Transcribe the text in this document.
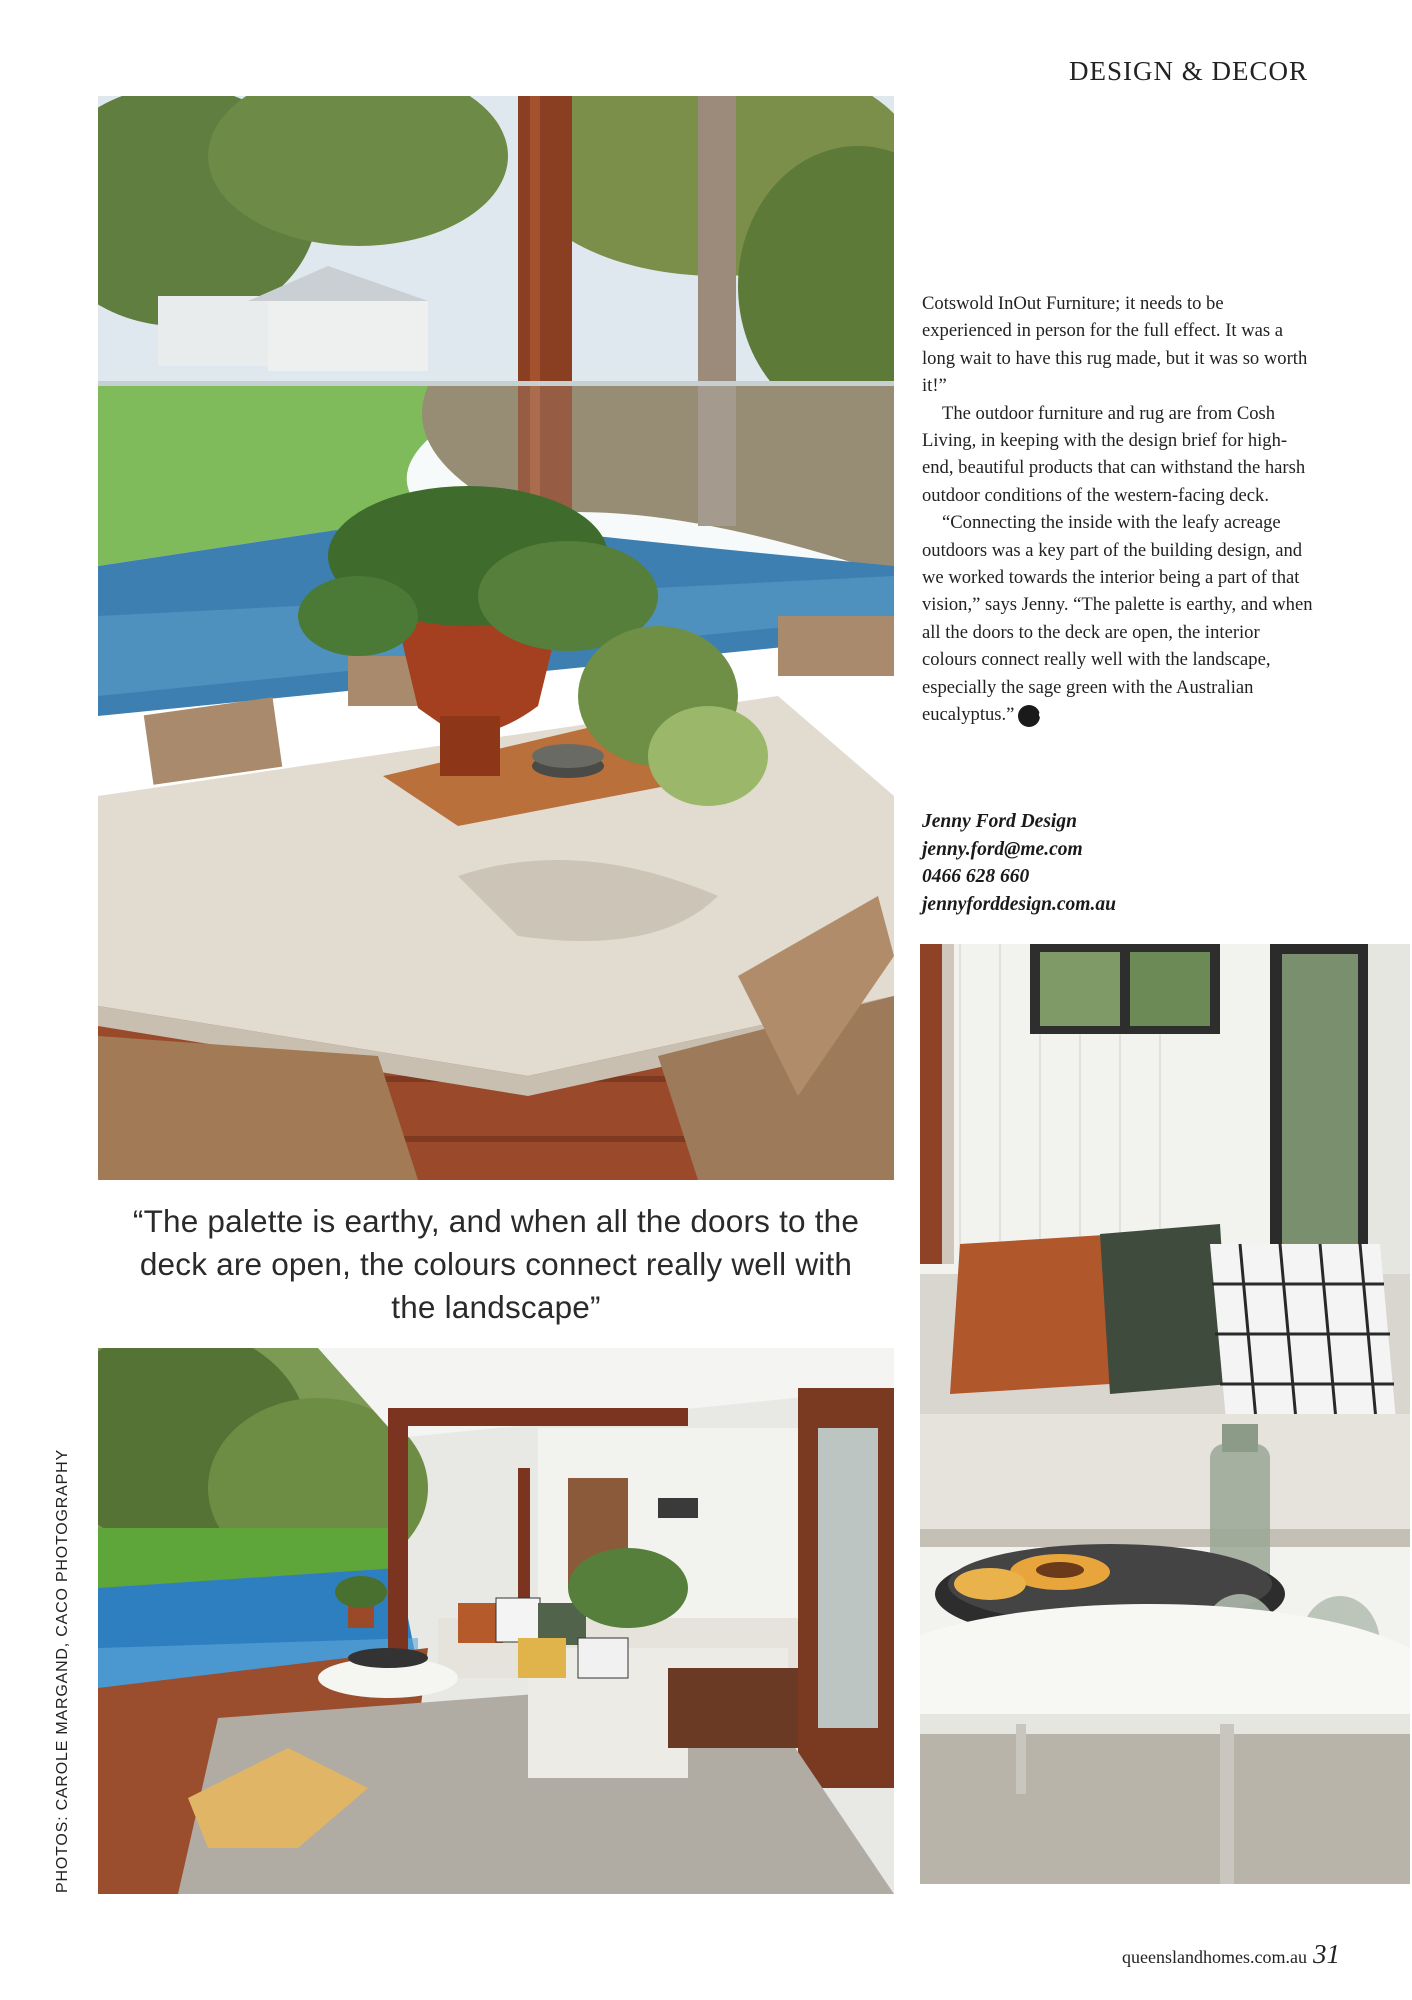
DESIGN & DECOR

Cotswold InOut Furniture; it needs to be experienced in person for the full effect. It was a long wait to have this rug made, but it was so worth it!”

The outdoor furniture and rug are from Cosh Living, in keeping with the design brief for high-end, beautiful products that can withstand the harsh outdoor conditions of the western-facing deck.

“Connecting the inside with the leafy acreage outdoors was a key part of the building design, and we worked towards the interior being a part of that vision,” says Jenny. “The palette is earthy, and when all the doors to the deck are open, the interior colours connect really well with the landscape, especially the sage green with the Australian eucalyptus.” QH

Jenny Ford Design
jenny.ford@me.com
0466 628 660
jennyforddesign.com.au
“The palette is earthy, and when all the doors to the deck are open, the colours connect really well with the landscape”
PHOTOS: CAROLE MARGAND, CACO PHOTOGRAPHY
queenslandhomes.com.au 31
